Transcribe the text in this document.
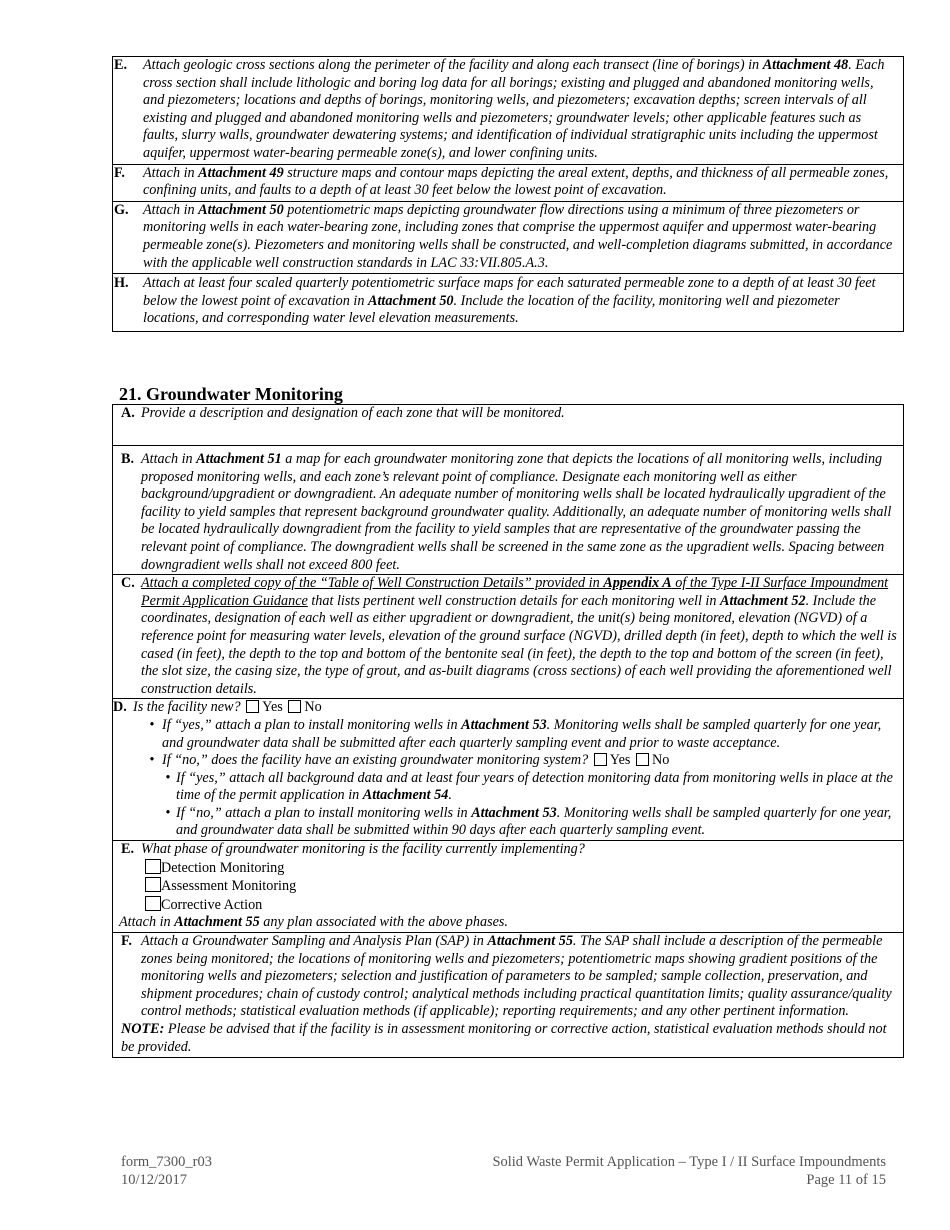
E.	Attach geologic cross sections along the perimeter of the facility and along each transect (line of borings) in Attachment 48. Each cross section shall include lithologic and boring log data for all borings; existing and plugged and abandoned monitoring wells, and piezometers; locations and depths of borings, monitoring wells, and piezometers; excavation depths; screen intervals of all existing and plugged and abandoned monitoring wells and piezometers; groundwater levels; other applicable features such as faults, slurry walls, groundwater dewatering systems; and identification of individual stratigraphic units including the uppermost aquifer, uppermost water-bearing permeable zone(s), and lower confining units.
F.	Attach in Attachment 49 structure maps and contour maps depicting the areal extent, depths, and thickness of all permeable zones, confining units, and faults to a depth of at least 30 feet below the lowest point of excavation.
G.	Attach in Attachment 50 potentiometric maps depicting groundwater flow directions using a minimum of three piezometers or monitoring wells in each water-bearing zone, including zones that comprise the uppermost aquifer and uppermost water-bearing permeable zone(s). Piezometers and monitoring wells shall be constructed, and well-completion diagrams submitted, in accordance with the applicable well construction standards in LAC 33:VII.805.A.3.
H.	Attach at least four scaled quarterly potentiometric surface maps for each saturated permeable zone to a depth of at least 30 feet below the lowest point of excavation in Attachment 50. Include the location of the facility, monitoring well and piezometer locations, and corresponding water level elevation measurements.
21. Groundwater Monitoring
A. Provide a description and designation of each zone that will be monitored.
B. Attach in Attachment 51 a map for each groundwater monitoring zone that depicts the locations of all monitoring wells, including proposed monitoring wells, and each zone’s relevant point of compliance. Designate each monitoring well as either background/upgradient or downgradient. An adequate number of monitoring wells shall be located hydraulically upgradient of the facility to yield samples that represent background groundwater quality. Additionally, an adequate number of monitoring wells shall be located hydraulically downgradient from the facility to yield samples that are representative of the groundwater passing the relevant point of compliance. The downgradient wells shall be screened in the same zone as the upgradient wells. Spacing between downgradient wells shall not exceed 800 feet.
C. Attach a completed copy of the “Table of Well Construction Details” provided in Appendix A of the Type I-II Surface Impoundment Permit Application Guidance that lists pertinent well construction details for each monitoring well in Attachment 52. Include the coordinates, designation of each well as either upgradient or downgradient, the unit(s) being monitored, elevation (NGVD) of a reference point for measuring water levels, elevation of the ground surface (NGVD), drilled depth (in feet), depth to which the well is cased (in feet), the depth to the top and bottom of the bentonite seal (in feet), the depth to the top and bottom of the screen (in feet), the slot size, the casing size, the type of grout, and as-built diagrams (cross sections) of each well providing the aforementioned well construction details.
D. Is the facility new? Yes No
• If “yes,” attach a plan to install monitoring wells in Attachment 53. Monitoring wells shall be sampled quarterly for one year, and groundwater data shall be submitted after each quarterly sampling event and prior to waste acceptance.
• If “no,” does the facility have an existing groundwater monitoring system? Yes No
• If “yes,” attach all background data and at least four years of detection monitoring data from monitoring wells in place at the time of the permit application in Attachment 54.
• If “no,” attach a plan to install monitoring wells in Attachment 53. Monitoring wells shall be sampled quarterly for one year, and groundwater data shall be submitted within 90 days after each quarterly sampling event.
E. What phase of groundwater monitoring is the facility currently implementing?
Detection Monitoring
Assessment Monitoring
Corrective Action
Attach in Attachment 55 any plan associated with the above phases.
F. Attach a Groundwater Sampling and Analysis Plan (SAP) in Attachment 55. The SAP shall include a description of the permeable zones being monitored; the locations of monitoring wells and piezometers; potentiometric maps showing gradient positions of the monitoring wells and piezometers; selection and justification of parameters to be sampled; sample collection, preservation, and shipment procedures; chain of custody control; analytical methods including practical quantitation limits; quality assurance/quality control methods; statistical evaluation methods (if applicable); reporting requirements; and any other pertinent information.
NOTE: Please be advised that if the facility is in assessment monitoring or corrective action, statistical evaluation methods should not be provided.
form_7300_r03
10/12/2017
Solid Waste Permit Application – Type I / II Surface Impoundments
Page 11 of 15
